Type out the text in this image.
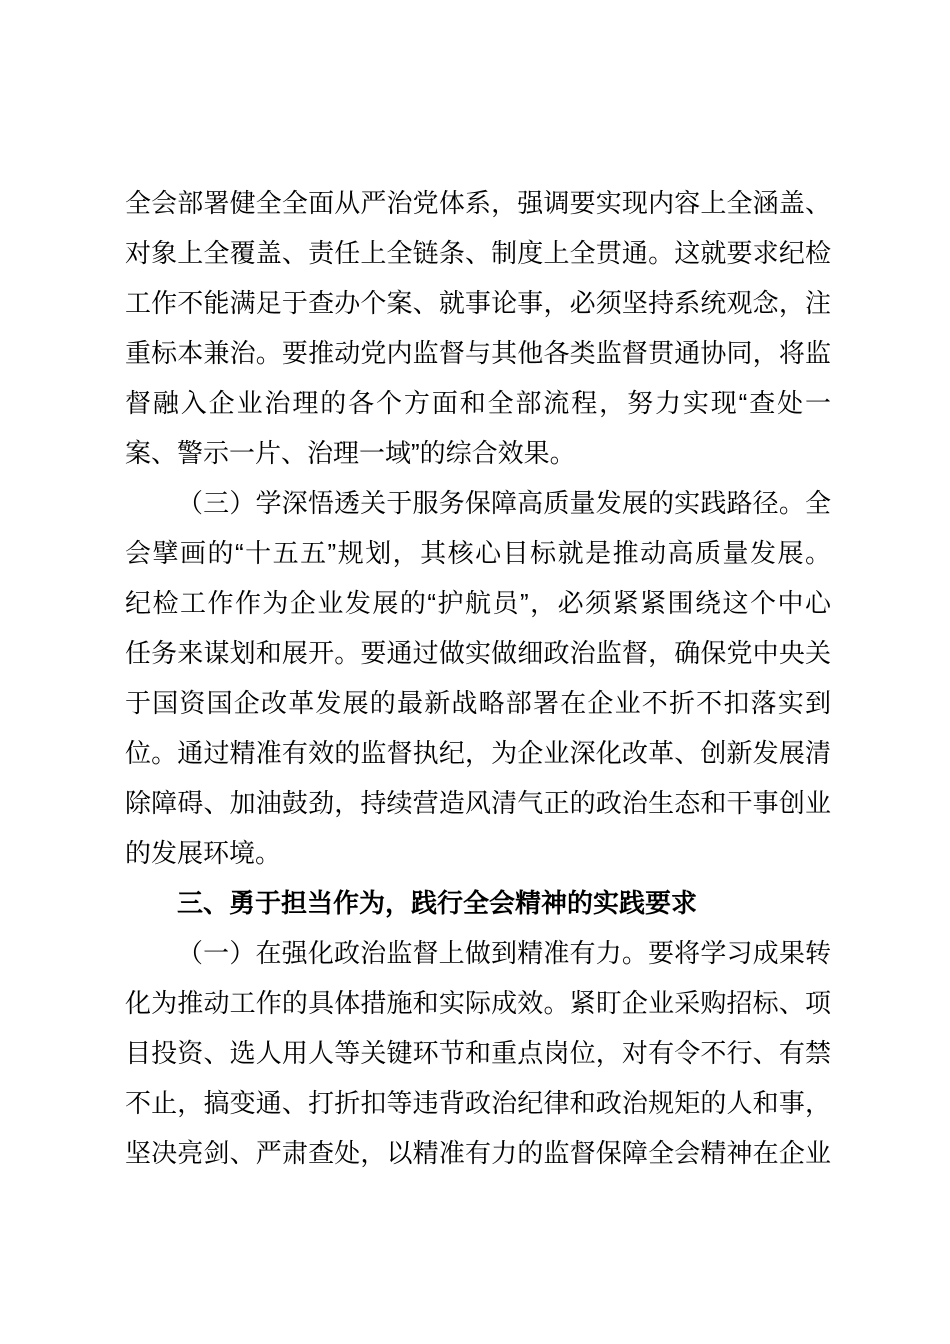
全会部署健全全面从严治党体系，强调要实现内容上全涵盖、
对象上全覆盖、责任上全链条、制度上全贯通。这就要求纪检
工作不能满足于查办个案、就事论事，必须坚持系统观念，注
重标本兼治。要推动党内监督与其他各类监督贯通协同，将监
督融入企业治理的各个方面和全部流程，努力实现“查处一
案、警示一片、治理一域”的综合效果。
（三）学深悟透关于服务保障高质量发展的实践路径。全
会擘画的“十五五”规划，其核心目标就是推动高质量发展。
纪检工作作为企业发展的“护航员”，必须紧紧围绕这个中心
任务来谋划和展开。要通过做实做细政治监督，确保党中央关
于国资国企改革发展的最新战略部署在企业不折不扣落实到
位。通过精准有效的监督执纪，为企业深化改革、创新发展清
除障碍、加油鼓劲，持续营造风清气正的政治生态和干事创业
的发展环境。
三、勇于担当作为，践行全会精神的实践要求
（一）在强化政治监督上做到精准有力。要将学习成果转
化为推动工作的具体措施和实际成效。紧盯企业采购招标、项
目投资、选人用人等关键环节和重点岗位，对有令不行、有禁
不止，搞变通、打折扣等违背政治纪律和政治规矩的人和事，
坚决亮剑、严肃查处，以精准有力的监督保障全会精神在企业
